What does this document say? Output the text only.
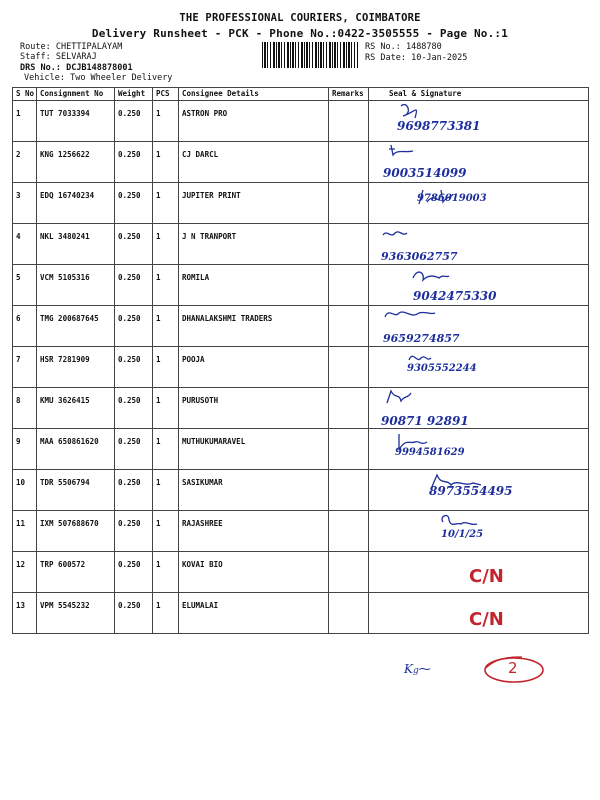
THE PROFESSIONAL COURIERS, COIMBATORE
Delivery Runsheet - PCK - Phone No.:0422-3505555 - Page No.:1
Route: CHETTIPALAYAM
Staff: SELVARAJ
DRS No.: DCJB148878001
Vehicle: Two Wheeler Delivery
RS No.: 1488780
RS Date: 10-Jan-2025
S No	Consignment No	Weight	PCS	Consignee Details	Remarks	Seal & Signature
1	TUT 7033394	0.250	1	ASTRON PRO		9698773381

2	KNG 1256622	0.250	1	CJ DARCL		9003514099

3	EDQ 16740234	0.250	1	JUPITER PRINT		9786019003

4	NKL 3480241	0.250	1	J N TRANPORT		9363062757

5	VCM 5105316	0.250	1	ROMILA		9042475330

6	TMG 200687645	0.250	1	DHANALAKSHMI TRADERS		9659274857

7	HSR 7281909	0.250	1	POOJA		9305552244

8	KMU 3626415	0.250	1	PURUSOTH		90871 92891

9	MAA 650861620	0.250	1	MUTHUKUMARAVEL		9994581629

10	TDR 5506794	0.250	1	SASIKUMAR		8973554495

11	IXM 507688670	0.250	1	RAJASHREE		10/1/25

12	TRP 600572	0.250	1	KOVAI BIO		C/N

13	VPM 5545232	0.250	1	ELUMALAI		C/N
Kg⁓	2
